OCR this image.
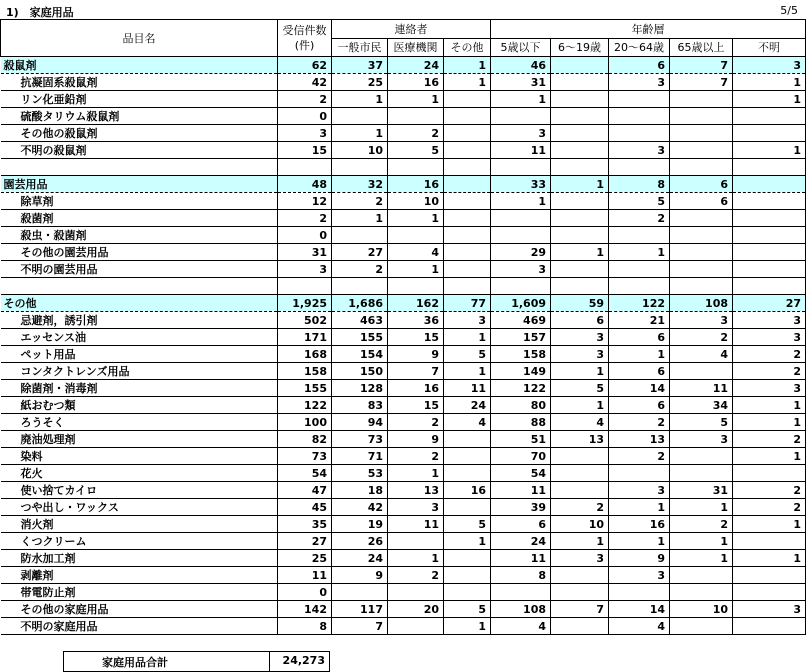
1)　家庭用品	5/5
品目名	受信件数
(件)	連絡者			年齢層				
		一般市民	医療機関	その他	5歳以下	6～19歳	20～64歳	65歳以上	不明
殺鼠剤	62	37	24	1	46		6	7	3
抗凝固系殺鼠剤	42	25	16	1	31		3	7	1
リン化亜鉛剤	2	1	1		1				1
硫酸タリウム殺鼠剤	0								
その他の殺鼠剤	3	1	2		3				
不明の殺鼠剤	15	10	5		11		3		1

園芸用品	48	32	16		33	1	8	6	
除草剤	12	2	10		1		5	6	
殺菌剤	2	1	1				2		
殺虫・殺菌剤	0								
その他の園芸用品	31	27	4		29	1	1		
不明の園芸用品	3	2	1		3				

その他	1,925	1,686	162	77	1,609	59	122	108	27
忌避剤，誘引剤	502	463	36	3	469	6	21	3	3
エッセンス油	171	155	15	1	157	3	6	2	3
ペット用品	168	154	9	5	158	3	1	4	2
コンタクトレンズ用品	158	150	7	1	149	1	6		2
除菌剤・消毒剤	155	128	16	11	122	5	14	11	3
紙おむつ類	122	83	15	24	80	1	6	34	1
ろうそく	100	94	2	4	88	4	2	5	1
廃油処理剤	82	73	9		51	13	13	3	2
染料	73	71	2		70		2		1
花火	54	53	1		54				
使い捨てカイロ	47	18	13	16	11		3	31	2
つや出し・ワックス	45	42	3		39	2	1	1	2
消火剤	35	19	11	5	6	10	16	2	1
くつクリーム	27	26		1	24	1	1	1	
防水加工剤	25	24	1		11	3	9	1	1
剥離剤	11	9	2		8		3		
帯電防止剤	0								
その他の家庭用品	142	117	20	5	108	7	14	10	3
不明の家庭用品	8	7		1	4		4		
家庭用品合計	24,273
